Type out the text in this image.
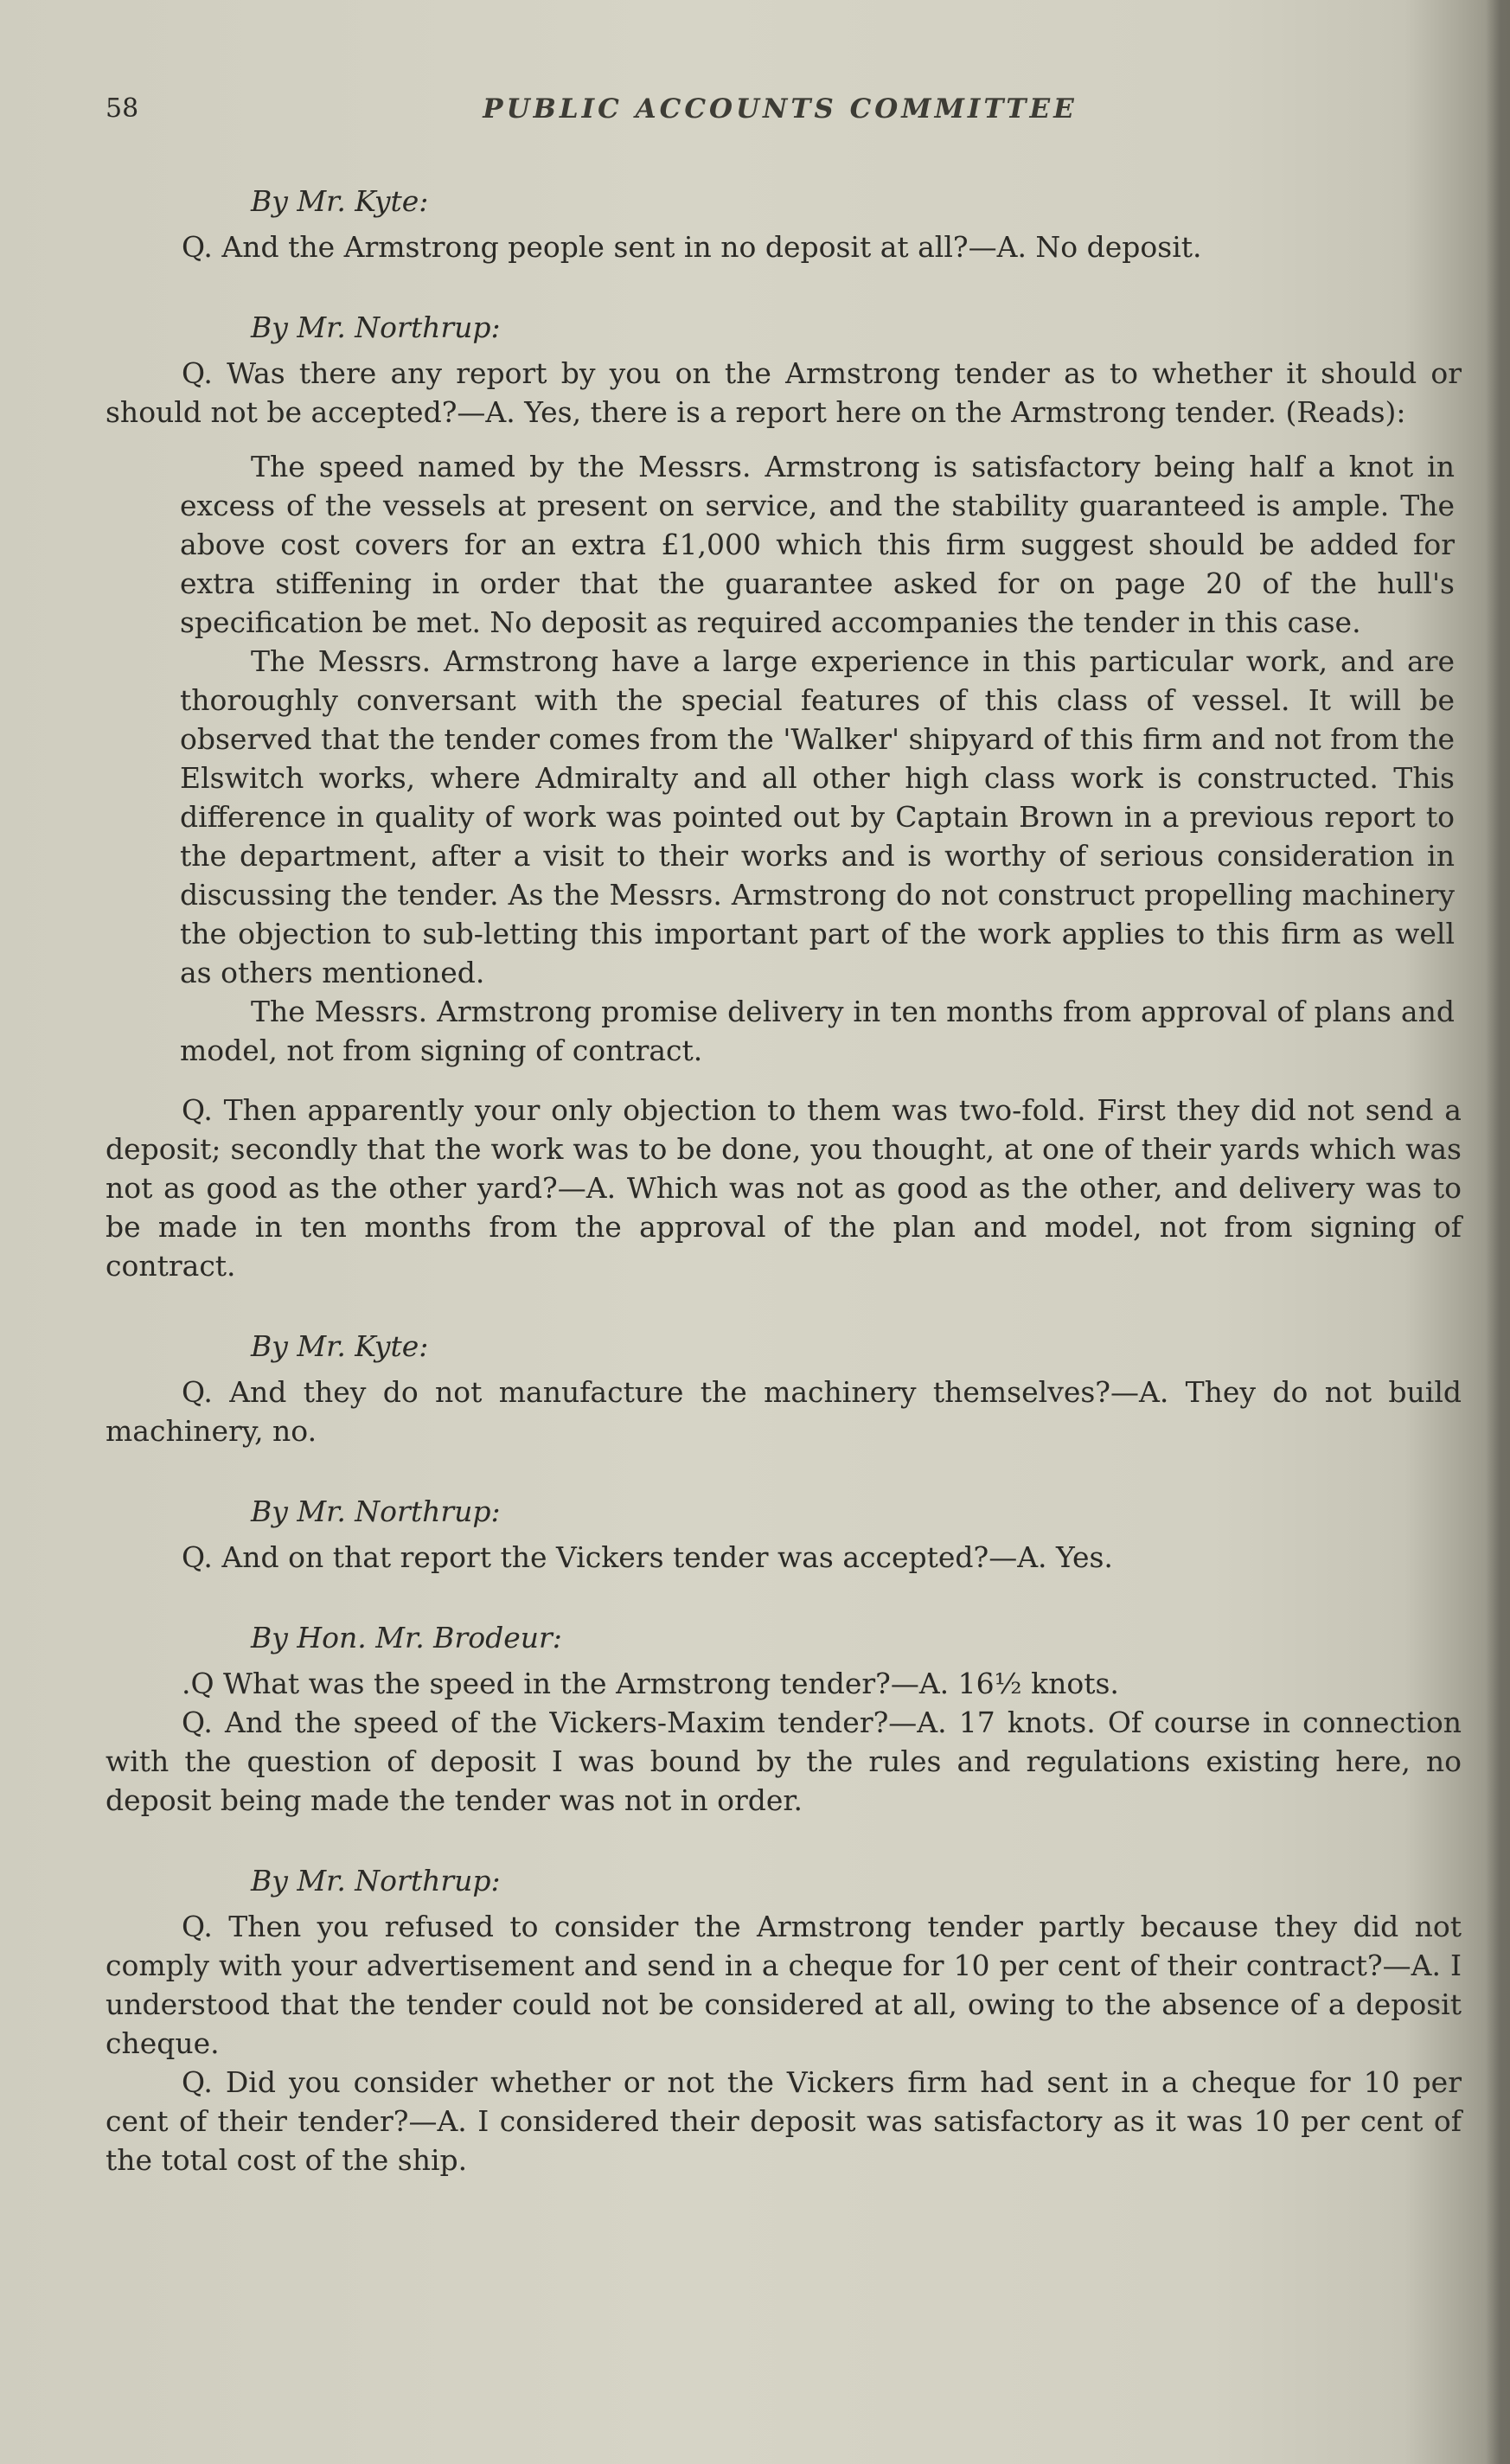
58	PUBLIC ACCOUNTS COMMITTEE
By Mr. Kyte:

Q. And the Armstrong people sent in no deposit at all?—A. No deposit.

By Mr. Northrup:

Q. Was there any report by you on the Armstrong tender as to whether it should or should not be accepted?—A. Yes, there is a report here on the Armstrong tender. (Reads):

The speed named by the Messrs. Armstrong is satisfactory being half a knot in excess of the vessels at present on service, and the stability guaranteed is ample. The above cost covers for an extra £1,000 which this firm suggest should be added for extra stiffening in order that the guarantee asked for on page 20 of the hull's specification be met. No deposit as required accompanies the tender in this case.

The Messrs. Armstrong have a large experience in this particular work, and are thoroughly conversant with the special features of this class of vessel. It will be observed that the tender comes from the 'Walker' shipyard of this firm and not from the Elswitch works, where Admiralty and all other high class work is constructed. This difference in quality of work was pointed out by Captain Brown in a previous report to the department, after a visit to their works and is worthy of serious consideration in discussing the tender. As the Messrs. Armstrong do not construct propelling machinery the objection to sub-letting this important part of the work applies to this firm as well as others mentioned.

The Messrs. Armstrong promise delivery in ten months from approval of plans and model, not from signing of contract.

Q. Then apparently your only objection to them was two-fold. First they did not send a deposit; secondly that the work was to be done, you thought, at one of their yards which was not as good as the other yard?—A. Which was not as good as the other, and delivery was to be made in ten months from the approval of the plan and model, not from signing of contract.

By Mr. Kyte:

Q. And they do not manufacture the machinery themselves?—A. They do not build machinery, no.

By Mr. Northrup:

Q. And on that report the Vickers tender was accepted?—A. Yes.

By Hon. Mr. Brodeur:

.Q What was the speed in the Armstrong tender?—A. 16½ knots.

Q. And the speed of the Vickers-Maxim tender?—A. 17 knots. Of course in connection with the question of deposit I was bound by the rules and regulations existing here, no deposit being made the tender was not in order.

By Mr. Northrup:

Q. Then you refused to consider the Armstrong tender partly because they did not comply with your advertisement and send in a cheque for 10 per cent of their contract?—A. I understood that the tender could not be considered at all, owing to the absence of a deposit cheque.

Q. Did you consider whether or not the Vickers firm had sent in a cheque for 10 per cent of their tender?—A. I considered their deposit was satisfactory as it was 10 per cent of the total cost of the ship.
